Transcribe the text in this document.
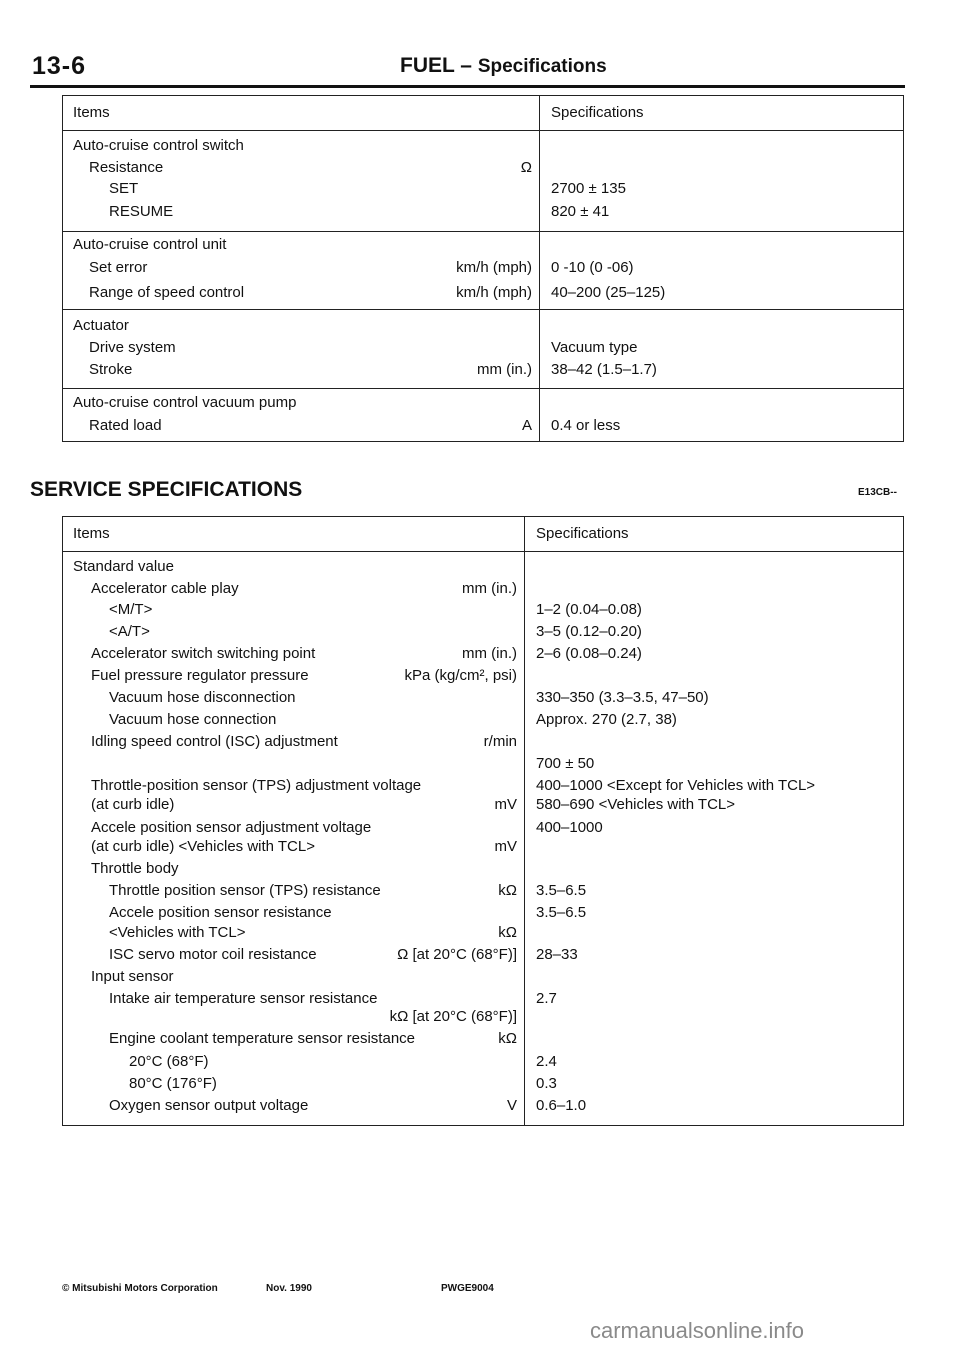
13-6	FUEL – Specifications
Items	Specifications
Auto-cruise control switch
Resistance	Ω
SET	2700 ± 135
RESUME	820 ± 41
Auto-cruise control unit
Set error	km/h (mph) 0 -10 (0 -06)
Range of speed control	km/h (mph) 40–200 (25–125)
Actuator
Drive system	Vacuum type
Stroke	mm (in.) 38–42 (1.5–1.7)
Auto-cruise control vacuum pump
Rated load	A 0.4 or less
SERVICE SPECIFICATIONS	E13CB--
Items	Specifications
Standard value
Accelerator cable play	mm (in.)
<M/T>	1–2 (0.04–0.08)
<A/T>	3–5 (0.12–0.20)
Accelerator switch switching point	mm (in.) 2–6 (0.08–0.24)
Fuel pressure regulator pressure	kPa (kg/cm², psi)
Vacuum hose disconnection	330–350 (3.3–3.5, 47–50)
Vacuum hose connection	Approx. 270 (2.7, 38)
Idling speed control (ISC) adjustment	r/min
700 ± 50
Throttle-position sensor (TPS) adjustment voltage	400–1000 <Except for Vehicles with TCL>
(at curb idle)	mV 580–690 <Vehicles with TCL>
Accele position sensor adjustment voltage	400–1000
(at curb idle) <Vehicles with TCL>	mV
Throttle body
Throttle position sensor (TPS) resistance	kΩ 3.5–6.5
Accele position sensor resistance	3.5–6.5
<Vehicles with TCL>	kΩ
ISC servo motor coil resistance	Ω [at 20°C (68°F)] 28–33
Input sensor
Intake air temperature sensor resistance	2.7
kΩ [at 20°C (68°F)]
Engine coolant temperature sensor resistance	kΩ
20°C (68°F)	2.4
80°C (176°F)	0.3
Oxygen sensor output voltage	V 0.6–1.0
© Mitsubishi Motors Corporation	Nov. 1990	PWGE9004
carmanualsonline.info
